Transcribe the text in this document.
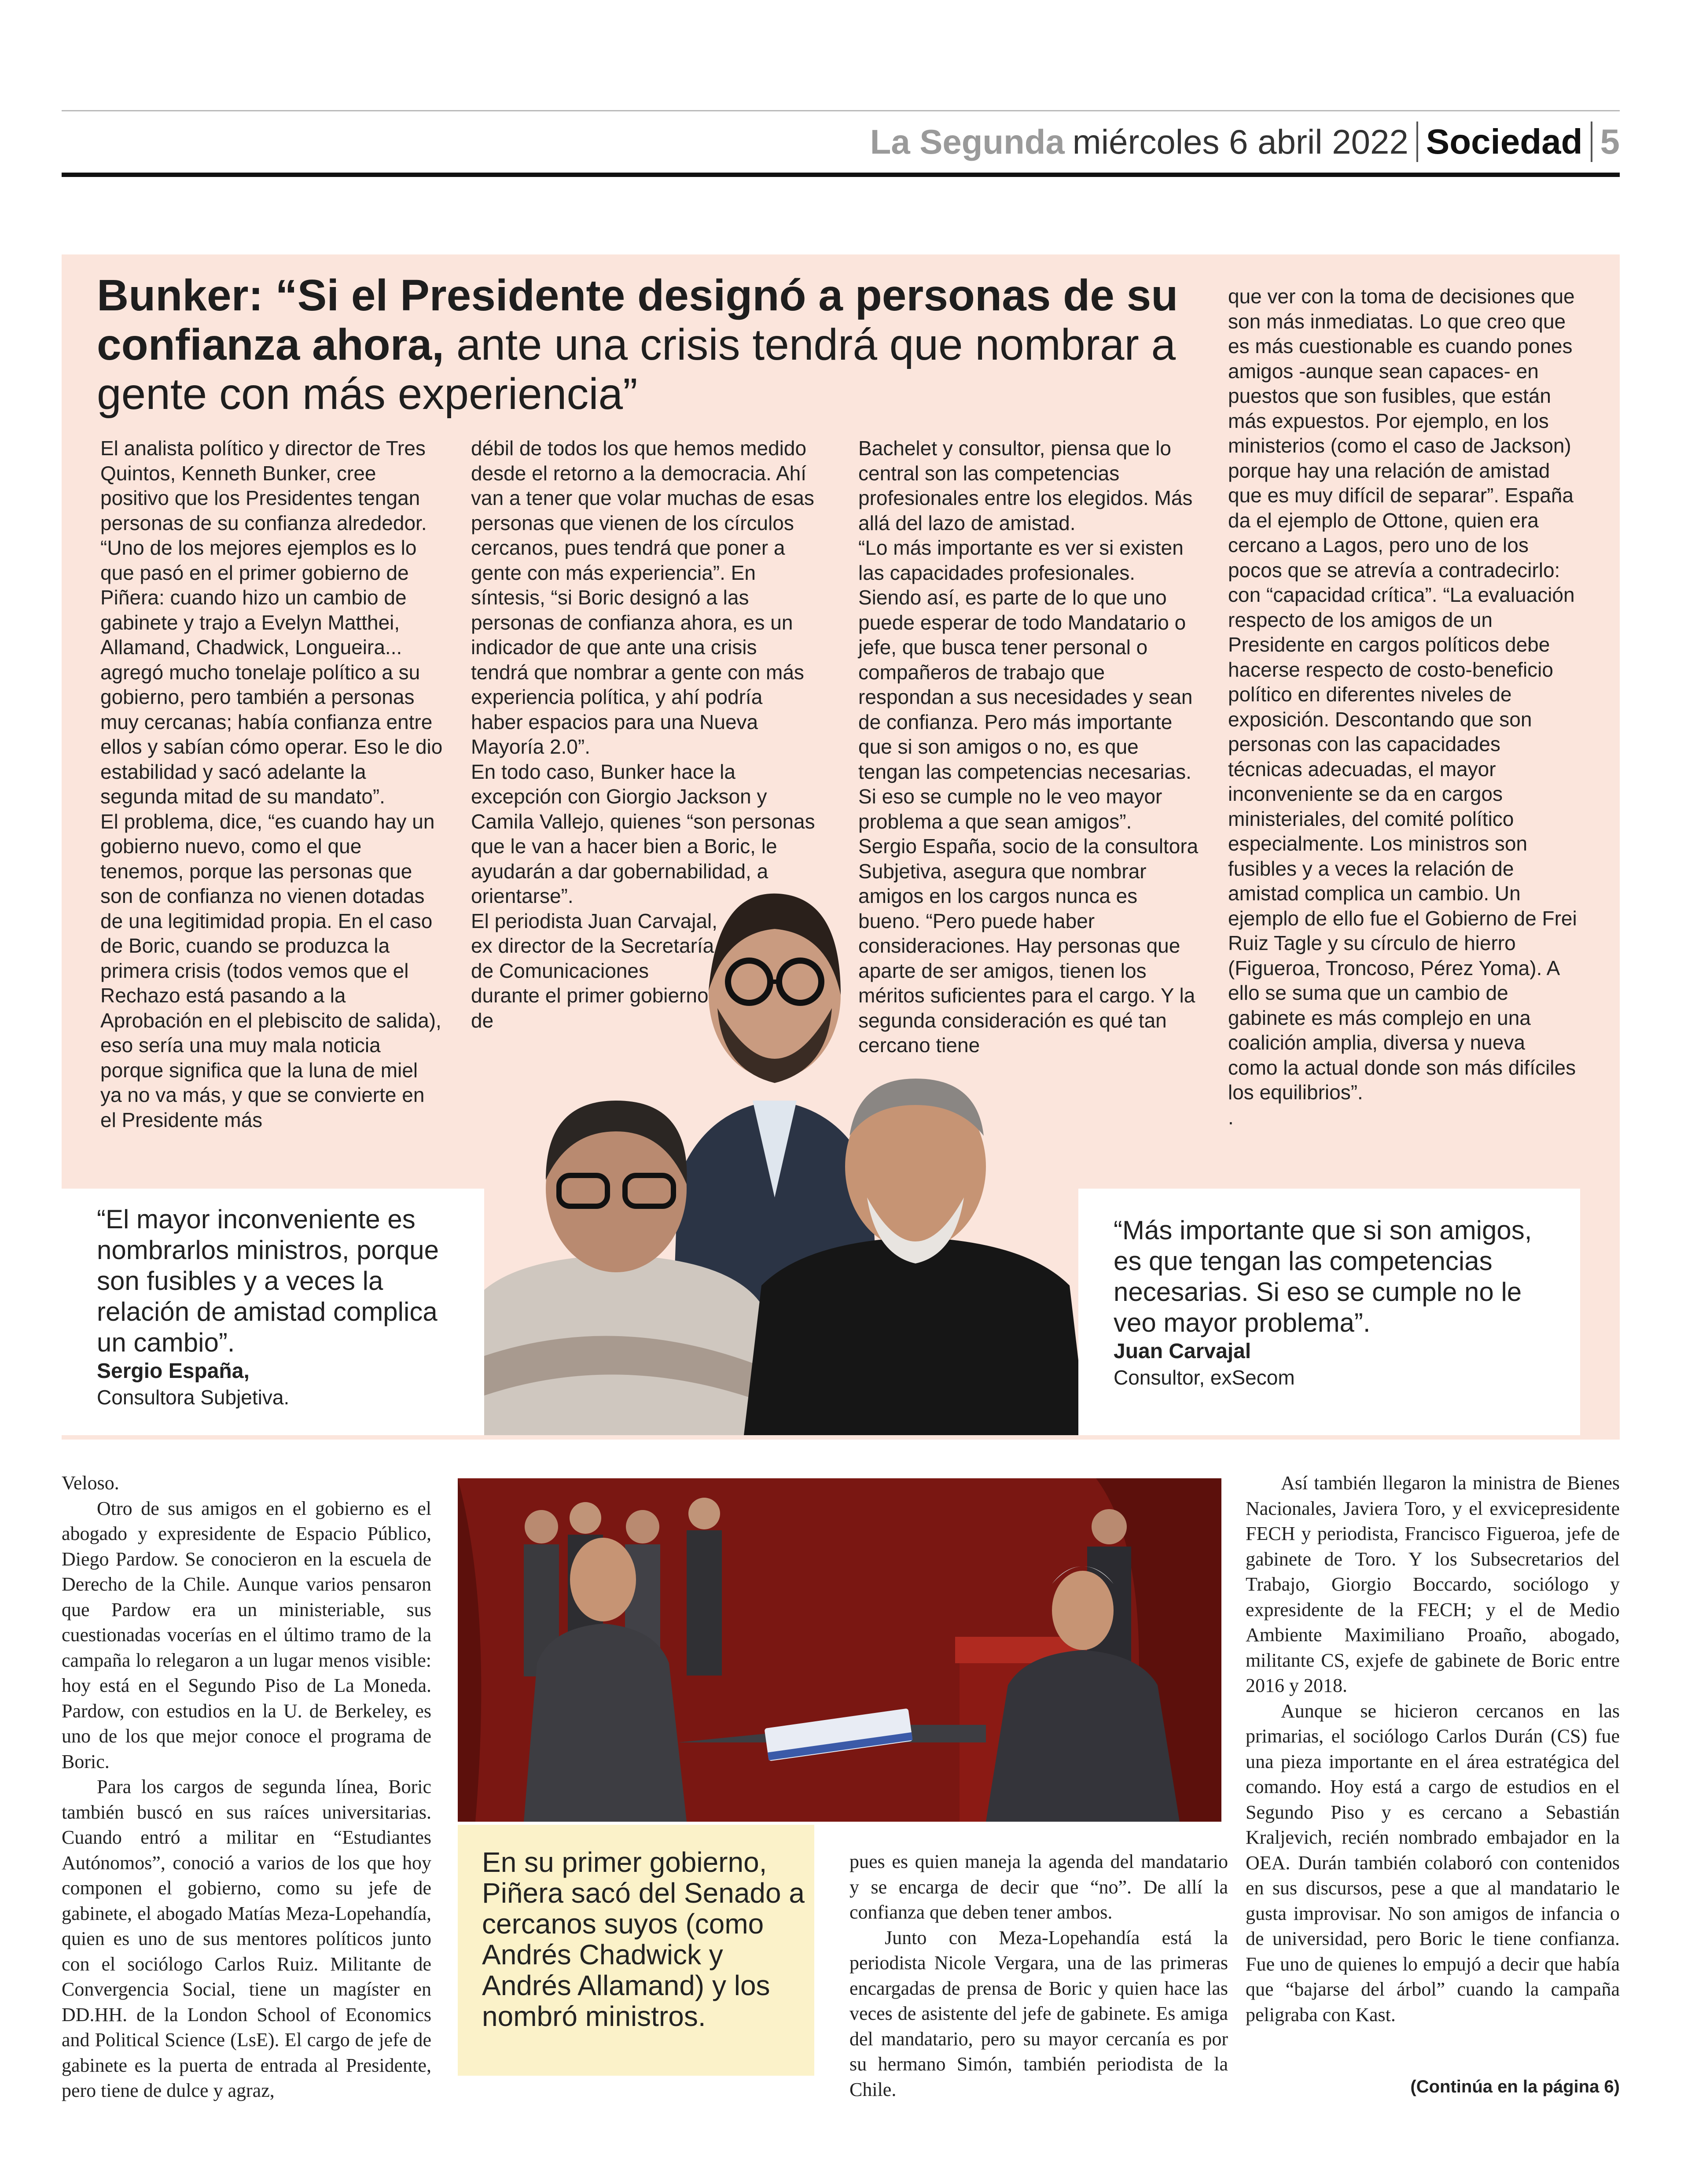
La Segunda miércoles 6 abril 2022 Sociedad 5
Bunker: “Si el Presidente designó a personas de su confianza ahora, ante una crisis tendrá que nombrar a gente con más experiencia”

El analista político y director de Tres Quintos, Kenneth Bunker, cree positivo que los Presidentes tengan personas de su confianza alrededor. “Uno de los mejores ejemplos es lo que pasó en el primer gobierno de Piñera: cuando hizo un cambio de gabinete y trajo a Evelyn Matthei, Allamand, Chadwick, Longueira... agregó mucho tonelaje político a su gobierno, pero también a personas muy cercanas; había confianza entre ellos y sabían cómo operar. Eso le dio estabilidad y sacó adelante la segunda mitad de su mandato”.

El problema, dice, “es cuando hay un gobierno nuevo, como el que tenemos, porque las personas que son de confianza no vienen dotadas de una legitimidad propia. En el caso de Boric, cuando se produzca la primera crisis (todos vemos que el Rechazo está pasando a la Aprobación en el plebiscito de salida), eso sería una muy mala noticia porque significa que la luna de miel ya no va más, y que se convierte en el Presidente más

débil de todos los que hemos medido desde el retorno a la democracia. Ahí van a tener que volar muchas de esas personas que vienen de los círculos cercanos, pues tendrá que poner a gente con más experiencia”. En síntesis, “si Boric designó a las personas de confianza ahora, es un indicador de que ante una crisis tendrá que nombrar a gente con más experiencia política, y ahí podría haber espacios para una Nueva Mayoría 2.0”.

En todo caso, Bunker hace la excepción con Giorgio Jackson y Camila Vallejo, quienes “son personas que le van a hacer bien a Boric, le ayudarán a dar gobernabilidad, a orientarse”.

El periodista Juan Carvajal, ex director de la Secretaría de Comunicaciones durante el primer gobierno de

Bachelet y consultor, piensa que lo central son las competencias profesionales entre los elegidos. Más allá del lazo de amistad.

“Lo más importante es ver si existen las capacidades profesionales. Siendo así, es parte de lo que uno puede esperar de todo Mandatario o jefe, que busca tener personal o compañeros de trabajo que respondan a sus necesidades y sean de confianza. Pero más importante que si son amigos o no, es que tengan las competencias necesarias. Si eso se cumple no le veo mayor problema a que sean amigos”.

Sergio España, socio de la consultora Subjetiva, asegura que nombrar amigos en los cargos nunca es bueno. “Pero puede haber consideraciones. Hay personas que aparte de ser amigos, tienen los méritos suficientes para el cargo. Y la segunda consideración es qué tan cercano tiene

que ver con la toma de decisiones que son más inmediatas. Lo que creo que es más cuestionable es cuando pones amigos -aunque sean capaces- en puestos que son fusibles, que están más expuestos. Por ejemplo, en los ministerios (como el caso de Jackson) porque hay una relación de amistad que es muy difícil de separar”. España da el ejemplo de Ottone, quien era cercano a Lagos, pero uno de los pocos que se atrevía a contradecirlo: con “capacidad crítica”. “La evaluación respecto de los amigos de un Presidente en cargos políticos debe hacerse respecto de costo-beneficio político en diferentes niveles de exposición. Descontando que son personas con las capacidades técnicas adecuadas, el mayor inconveniente se da en cargos ministeriales, del comité político especialmente. Los ministros son fusibles y a veces la relación de amistad complica un cambio. Un ejemplo de ello fue el Gobierno de Frei Ruiz Tagle y su círculo de hierro (Figueroa, Troncoso, Pérez Yoma). A ello se suma que un cambio de gabinete es más complejo en una coalición amplia, diversa y nueva como la actual donde son más difíciles los equilibrios”.

.

“El mayor inconveniente es nombrarlos ministros, porque son fusibles y a veces la relación de amistad complica un cambio”.
Sergio España,
Consultora Subjetiva.
“Más importante que si son amigos, es que tengan las competencias necesarias. Si eso se cumple no le veo mayor problema”.
Juan Carvajal
Consultor, exSecom

Veloso.

Otro de sus amigos en el gobierno es el abogado y expresidente de Espacio Público, Diego Pardow. Se conocieron en la escuela de Derecho de la Chile. Aunque varios pensaron que Pardow era un ministeriable, sus cuestionadas vocerías en el último tramo de la campaña lo relegaron a un lugar menos visible: hoy está en el Segundo Piso de La Moneda. Pardow, con estudios en la U. de Berkeley, es uno de los que mejor conoce el programa de Boric.

Para los cargos de segunda línea, Boric también buscó en sus raíces universitarias. Cuando entró a militar en “Estudiantes Autónomos”, conoció a varios de los que hoy componen el gobierno, como su jefe de gabinete, el abogado Matías Meza-Lopehandía, quien es uno de sus mentores políticos junto con el sociólogo Carlos Ruiz. Militante de Convergencia Social, tiene un magíster en DD.HH. de la London School of Economics and Political Science (LsE). El cargo de jefe de gabinete es la puerta de entrada al Presidente, pero tiene de dulce y agraz,

En su primer gobierno, Piñera sacó del Senado a cercanos suyos (como Andrés Chadwick y Andrés Allamand) y los nombró ministros.

pues es quien maneja la agenda del mandatario y se encarga de decir que “no”. De allí la confianza que deben tener ambos.

Junto con Meza-Lopehandía está la periodista Nicole Vergara, una de las primeras encargadas de prensa de Boric y quien hace las veces de asistente del jefe de gabinete. Es amiga del mandatario, pero su mayor cercanía es por su hermano Simón, también periodista de la Chile.

Así también llegaron la ministra de Bienes Nacionales, Javiera Toro, y el exvicepresidente FECH y periodista, Francisco Figueroa, jefe de gabinete de Toro. Y los Subsecretarios del Trabajo, Giorgio Boccardo, sociólogo y expresidente de la FECH; y el de Medio Ambiente Maximiliano Proaño, abogado, militante CS, exjefe de gabinete de Boric entre 2016 y 2018.

Aunque se hicieron cercanos en las primarias, el sociólogo Carlos Durán (CS) fue una pieza importante en el área estratégica del comando. Hoy está a cargo de estudios en el Segundo Piso y es cercano a Sebastián Kraljevich, recién nombrado embajador en la OEA. Durán también colaboró con contenidos en sus discursos, pese a que al mandatario le gusta improvisar. No son amigos de infancia o de universidad, pero Boric le tiene confianza. Fue uno de quienes lo empujó a decir que había que “bajarse del árbol” cuando la campaña peligraba con Kast.

(Continúa en la página 6)
